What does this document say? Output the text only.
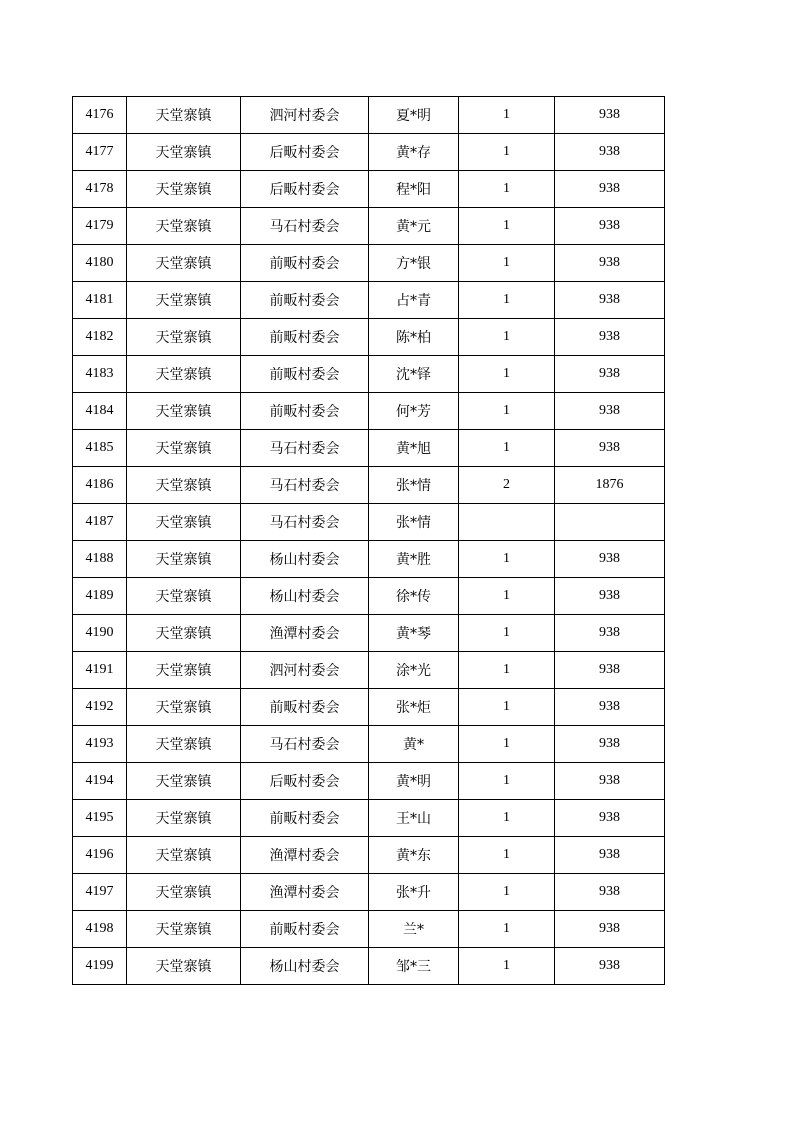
4176	天堂寨镇	泗河村委会	夏*明	1	938
4177	天堂寨镇	后畈村委会	黄*存	1	938
4178	天堂寨镇	后畈村委会	程*阳	1	938
4179	天堂寨镇	马石村委会	黄*元	1	938
4180	天堂寨镇	前畈村委会	方*银	1	938
4181	天堂寨镇	前畈村委会	占*青	1	938
4182	天堂寨镇	前畈村委会	陈*柏	1	938
4183	天堂寨镇	前畈村委会	沈*铎	1	938
4184	天堂寨镇	前畈村委会	何*芳	1	938
4185	天堂寨镇	马石村委会	黄*旭	1	938
4186	天堂寨镇	马石村委会	张*情	2	1876
4187	天堂寨镇	马石村委会	张*情		
4188	天堂寨镇	杨山村委会	黄*胜	1	938
4189	天堂寨镇	杨山村委会	徐*传	1	938
4190	天堂寨镇	渔潭村委会	黄*琴	1	938
4191	天堂寨镇	泗河村委会	涂*光	1	938
4192	天堂寨镇	前畈村委会	张*炬	1	938
4193	天堂寨镇	马石村委会	黄*	1	938
4194	天堂寨镇	后畈村委会	黄*明	1	938
4195	天堂寨镇	前畈村委会	王*山	1	938
4196	天堂寨镇	渔潭村委会	黄*东	1	938
4197	天堂寨镇	渔潭村委会	张*升	1	938
4198	天堂寨镇	前畈村委会	兰*	1	938
4199	天堂寨镇	杨山村委会	邹*三	1	938
